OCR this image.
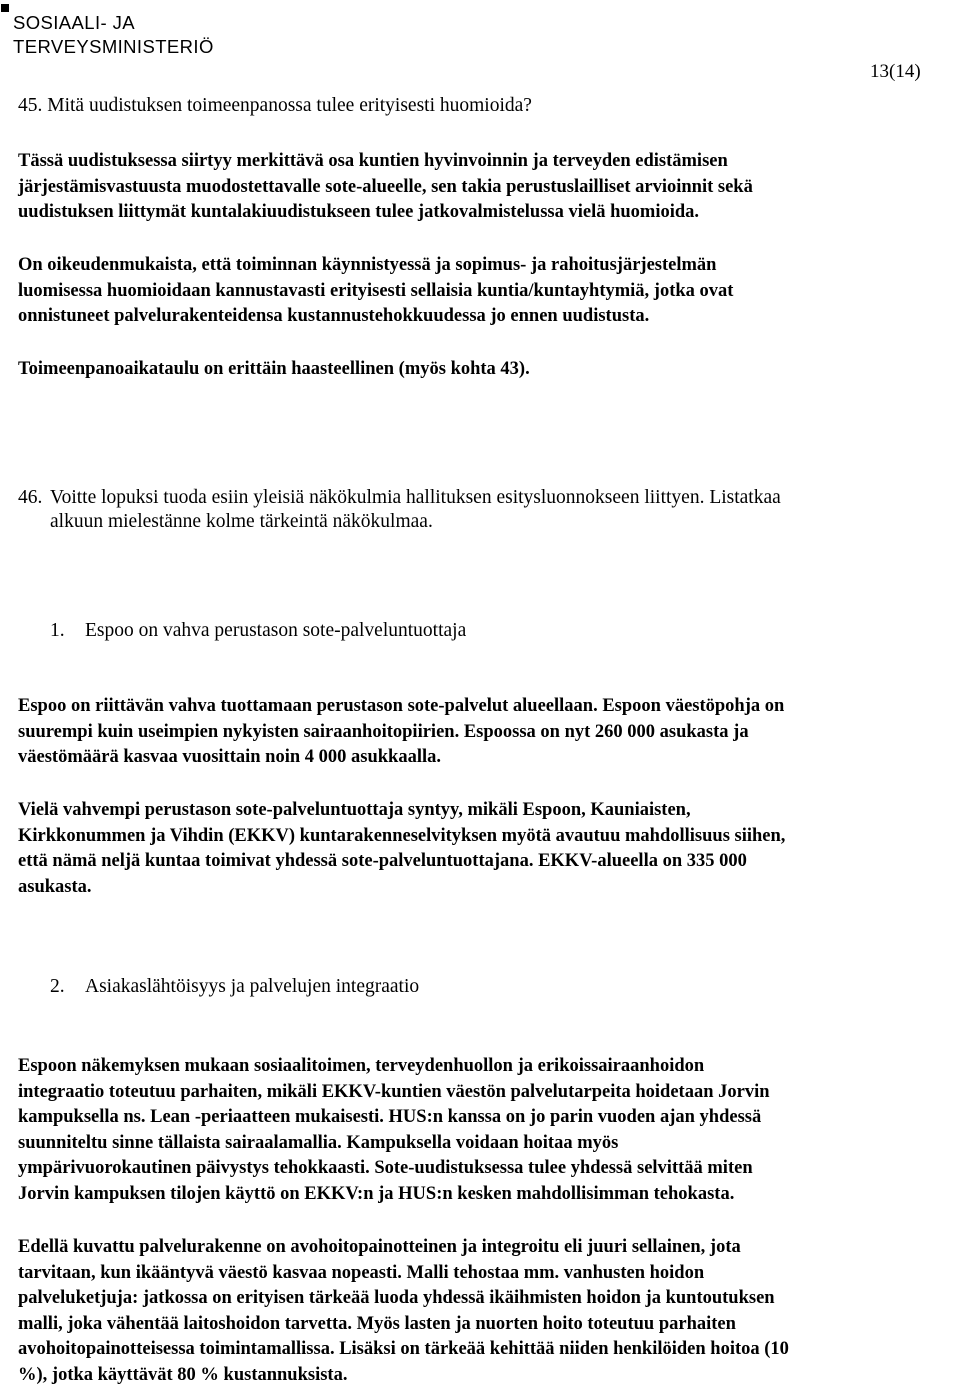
SOSIAALI- JA
TERVEYSMINISTERIÖ
13(14)
45. Mitä uudistuksen toimeenpanossa tulee erityisesti huomioida?
Tässä uudistuksessa siirtyy merkittävä osa kuntien hyvinvoinnin ja terveyden edistämisen
järjestämisvastuusta muodostettavalle sote-alueelle, sen takia perustuslailliset arvioinnit sekä
uudistuksen liittymät kuntalakiuudistukseen tulee jatkovalmistelussa vielä huomioida.
On oikeudenmukaista, että toiminnan käynnistyessä ja sopimus- ja rahoitusjärjestelmän
luomisessa huomioidaan kannustavasti erityisesti sellaisia kuntia/kuntayhtymiä, jotka ovat
onnistuneet palvelurakenteidensa kustannustehokkuudessa jo ennen uudistusta.
Toimeenpanoaikataulu on erittäin haasteellinen (myös kohta 43).
46. Voitte lopuksi tuoda esiin yleisiä näkökulmia hallituksen esitysluonnokseen liittyen. Listatkaa
alkuun mielestänne kolme tärkeintä näkökulmaa.
1. Espoo on vahva perustason sote-palveluntuottaja
Espoo on riittävän vahva tuottamaan perustason sote-palvelut alueellaan. Espoon väestöpohja on
suurempi kuin useimpien nykyisten sairaanhoitopiirien. Espoossa on nyt 260 000 asukasta ja
väestömäärä kasvaa vuosittain noin 4 000 asukkaalla.
Vielä vahvempi perustason sote-palveluntuottaja syntyy, mikäli Espoon, Kauniaisten,
Kirkkonummen ja Vihdin (EKKV) kuntarakenneselvityksen myötä avautuu mahdollisuus siihen,
että nämä neljä kuntaa toimivat yhdessä sote-palveluntuottajana. EKKV-alueella on 335 000
asukasta.
2. Asiakaslähtöisyys ja palvelujen integraatio
Espoon näkemyksen mukaan sosiaalitoimen, terveydenhuollon ja erikoissairaanhoidon
integraatio toteutuu parhaiten, mikäli EKKV-kuntien väestön palvelutarpeita hoidetaan Jorvin
kampuksella ns. Lean -periaatteen mukaisesti. HUS:n kanssa on jo parin vuoden ajan yhdessä
suunniteltu sinne tällaista sairaalamallia. Kampuksella voidaan hoitaa myös
ympärivuorokautinen päivystys tehokkaasti. Sote-uudistuksessa tulee yhdessä selvittää miten
Jorvin kampuksen tilojen käyttö on EKKV:n ja HUS:n kesken mahdollisimman tehokasta.
Edellä kuvattu palvelurakenne on avohoitopainotteinen ja integroitu eli juuri sellainen, jota
tarvitaan, kun ikääntyvä väestö kasvaa nopeasti. Malli tehostaa mm. vanhusten hoidon
palveluketjuja: jatkossa on erityisen tärkeää luoda yhdessä ikäihmisten hoidon ja kuntoutuksen
malli, joka vähentää laitoshoidon tarvetta. Myös lasten ja nuorten hoito toteutuu parhaiten
avohoitopainotteisessa toimintamallissa. Lisäksi on tärkeää kehittää niiden henkilöiden hoitoa (10
%), jotka käyttävät 80 % kustannuksista.
